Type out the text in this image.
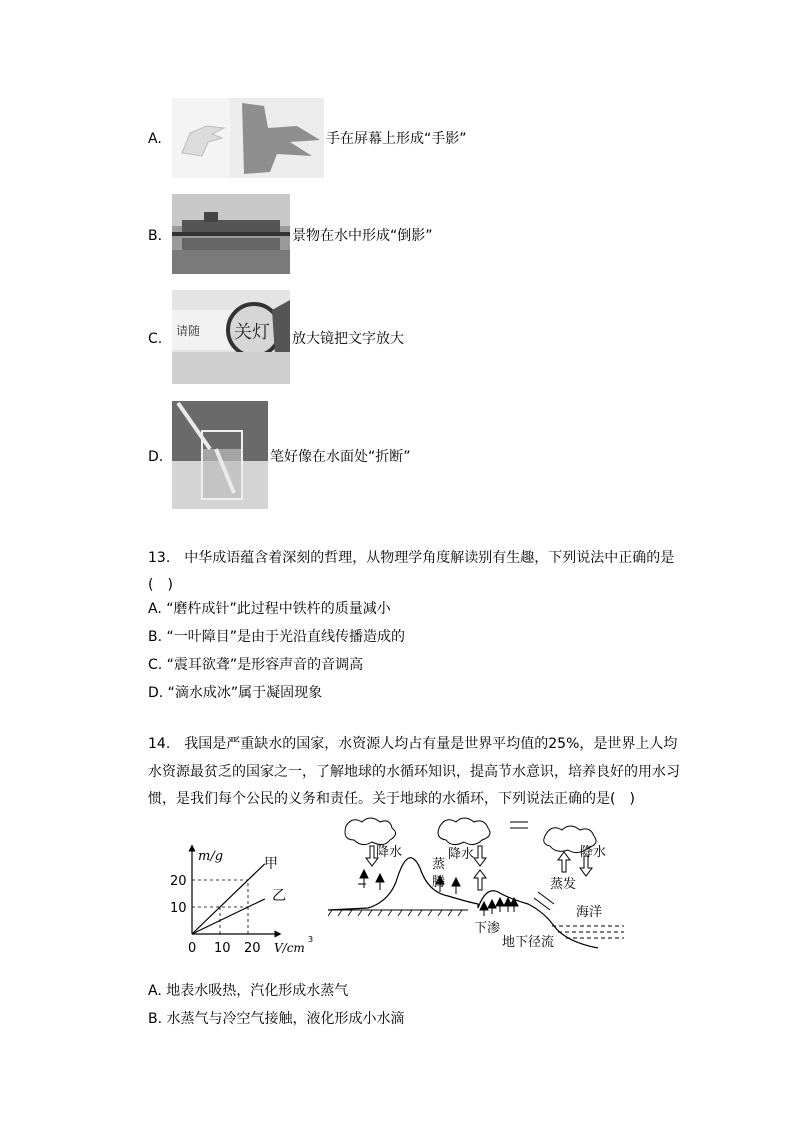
A.	手在屏幕上形成“手影”
B.	景物在水中形成“倒影”
C. 请随 关灯 放大镜把文字放大
D.	笔好像在水面处“折断”
13.　中华成语蕴含着深刻的哲理，从物理学角度解读别有生趣，下列说法中正确的是
(　)
A. “磨杵成针”此过程中铁杵的质量减小
B. “一叶障目”是由于光沿直线传播造成的
C. “震耳欲聋”是形容声音的音调高
D. “滴水成冰”属于凝固现象
14.　我国是严重缺水的国家，水资源人均占有量是世界平均值的25%，是世界上人均
水资源最贫乏的国家之一，了解地球的水循环知识，提高节水意识，培养良好的用水习
惯，是我们每个公民的义务和责任。关于地球的水循环，下列说法正确的是(　)
m/g
20
10
0 10 20 V/cm
3
甲
乙
降水	降水	降水
蒸
腾	蒸发
下渗
地下径流
海洋
A. 地表水吸热，汽化形成水蒸气
B. 水蒸气与冷空气接触，液化形成小水滴
